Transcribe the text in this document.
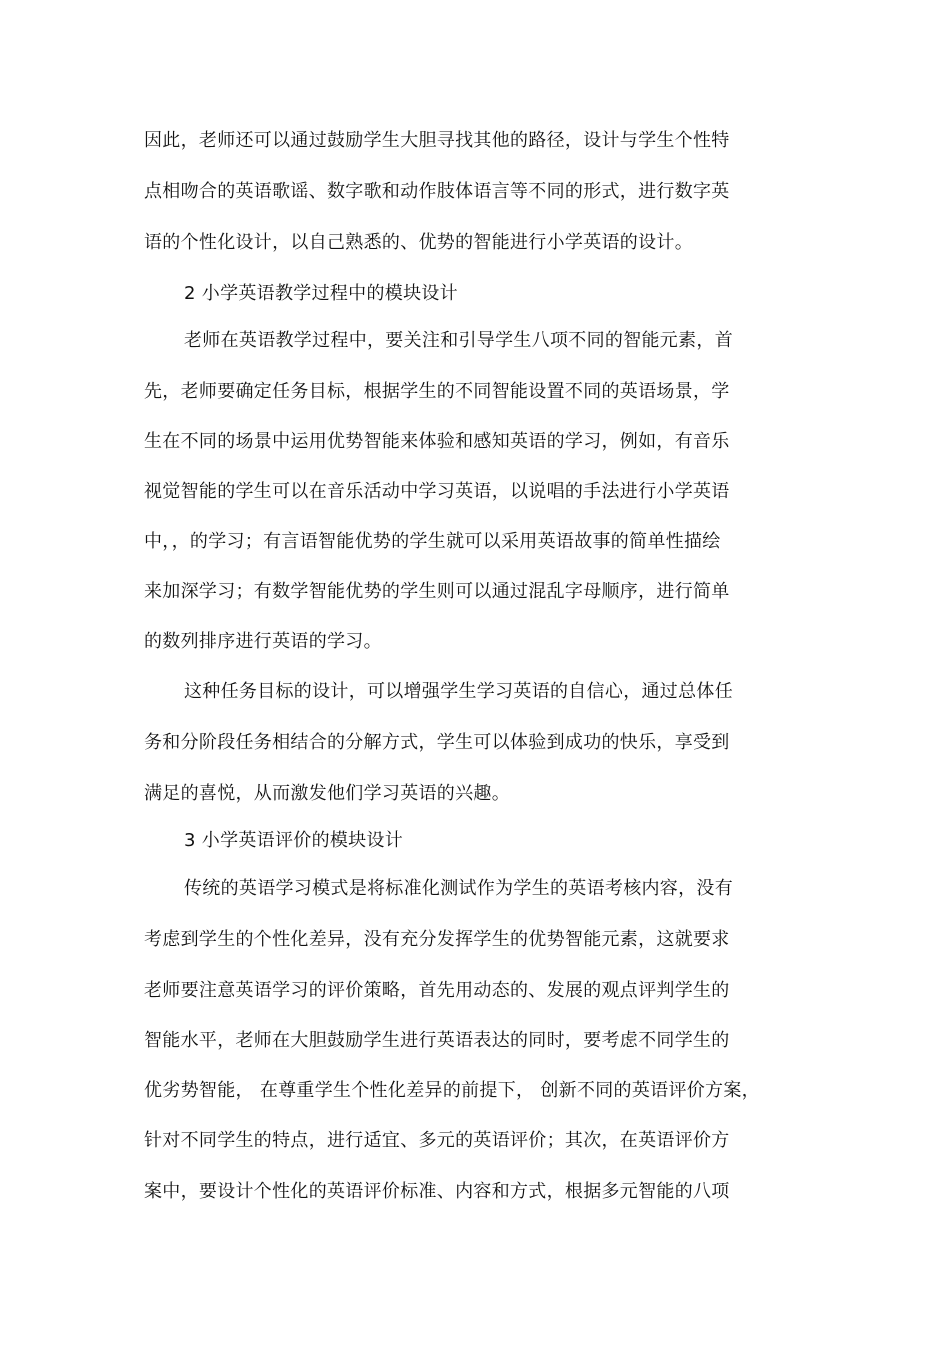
因此，老师还可以通过鼓励学生大胆寻找其他的路径，设计与学生个性特
点相吻合的英语歌谣、数字歌和动作肢体语言等不同的形式，进行数字英
语的个性化设计，以自己熟悉的、优势的智能进行小学英语的设计。
2 小学英语教学过程中的模块设计
老师在英语教学过程中，要关注和引导学生八项不同的智能元素，首
先，老师要确定任务目标，根据学生的不同智能设置不同的英语场景，学
生在不同的场景中运用优势智能来体验和感知英语的学习，例如，有音乐
视觉智能的学生可以在音乐活动中学习英语，以说唱的手法进行小学英语
中，，的学习；有言语智能优势的学生就可以采用英语故事的简单性描绘
来加深学习；有数学智能优势的学生则可以通过混乱字母顺序，进行简单
的数列排序进行英语的学习。
这种任务目标的设计，可以增强学生学习英语的自信心，通过总体任
务和分阶段任务相结合的分解方式，学生可以体验到成功的快乐，享受到
满足的喜悦，从而激发他们学习英语的兴趣。
3 小学英语评价的模块设计
传统的英语学习模式是将标准化测试作为学生的英语考核内容，没有
考虑到学生的个性化差异，没有充分发挥学生的优势智能元素，这就要求
老师要注意英语学习的评价策略，首先用动态的、发展的观点评判学生的
智能水平，老师在大胆鼓励学生进行英语表达的同时，要考虑不同学生的
优劣势智能， 在尊重学生个性化差异的前提下， 创新不同的英语评价方案，
针对不同学生的特点，进行适宜、多元的英语评价；其次，在英语评价方
案中，要设计个性化的英语评价标准、内容和方式，根据多元智能的八项
